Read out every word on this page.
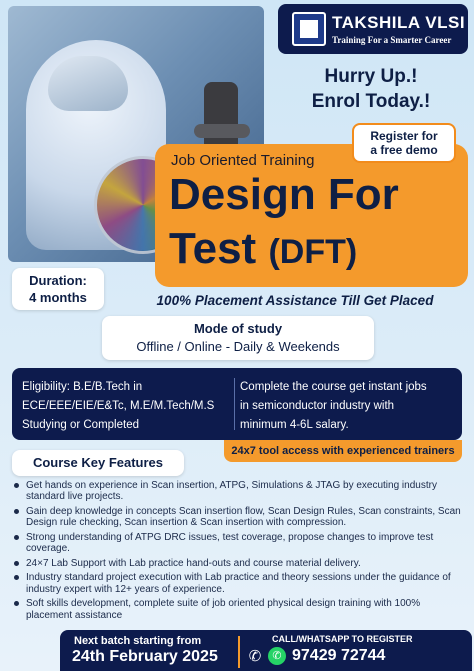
TAKSHILA VLSI
Training For a Smarter Career
Hurry Up.!
Enrol Today.!
Job Oriented Training
Design For
Test (DFT)
Register for
a free demo
Duration:
4 months	100% Placement Assistance Till Get Placed
Mode of study
Offline / Online - Daily & Weekends
Eligibility: B.E/B.Tech in
ECE/EEE/EIE/E&Tc, M.E/M.Tech/M.S
Studying or Completed
Complete the course get instant jobs
in semiconductor industry with
minimum 4-6L salary.
24x7 tool access with experienced trainers
Course Key Features
Get hands on experience in Scan insertion, ATPG, Simulations & JTAG by executing industry standard live projects.
Gain deep knowledge in concepts Scan insertion flow, Scan Design Rules, Scan constraints, Scan Design rule checking, Scan insertion & Scan insertion with compression.
Strong understanding of ATPG DRC issues, test coverage, propose changes to improve test coverage.
24×7 Lab Support with Lab practice hand-outs and course material delivery.
Industry standard project execution with Lab practice and theory sessions under the guidance of industry expert with 12+ years of experience.
Soft skills development, complete suite of job oriented physical design training with 100% placement assistance
Next batch starting from
24th February 2025
CALL/WHATSAPP TO REGISTER
✆	✆ 97429 72744
